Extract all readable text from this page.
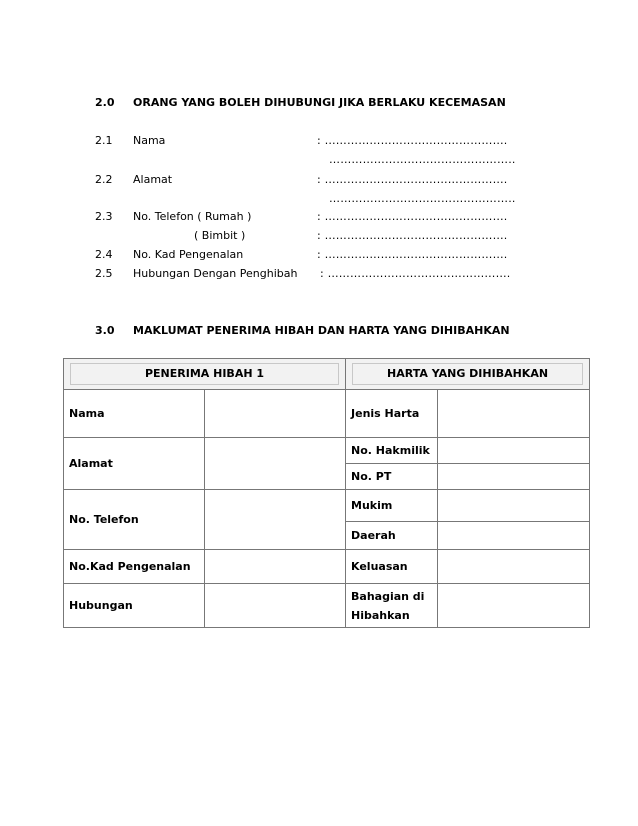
2.0 ORANG YANG BOLEH DIHUBUNGI JIKA BERLAKU KECEMASAN
2.1 Nama	: ………………………………………….
…………………………………………..
2.2 Alamat	: ………………………………………….
…………………………………………..
2.3 No. Telefon ( Rumah )	: ………………………………………….
( Bimbit )	: ………………………………………….
2.4 No. Kad Pengenalan	: ………………………………………….
2.5 Hubungan Dengan Penghibah : ………………………………………….
3.0 MAKLUMAT PENERIMA HIBAH DAN HARTA YANG DIHIBAHKAN
PENERIMA HIBAH 1		HARTA YANG DIHIBAHKAN	

Nama		Jenis Harta	
Alamat		No. Hakmilik	
		No. PT	
No. Telefon		Mukim	
		Daerah	
No.Kad Pengenalan		Keluasan	
Hubungan		Bahagian di
Hibahkan	
